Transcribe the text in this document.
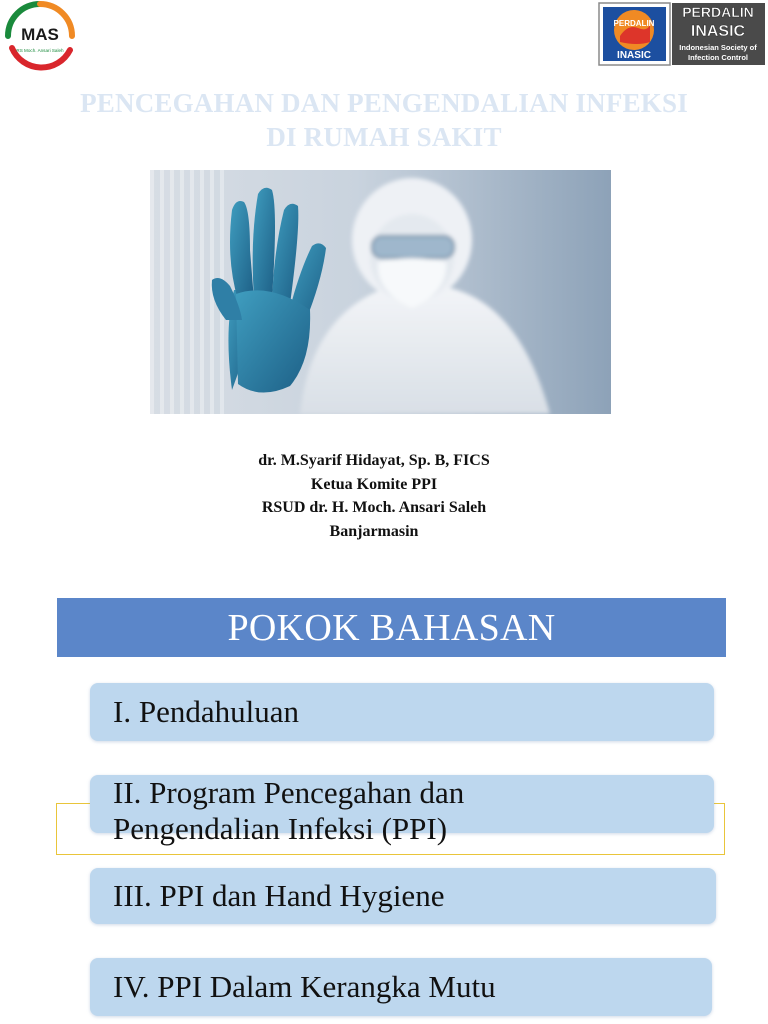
MAS
RS Moch. Ansari Saleh
PERDALIN
INASIC
PERDALIN
INASIC
Indonesian Society of
Infection Control
PENCEGAHAN DAN PENGENDALIAN INFEKSI
DI RUMAH SAKIT
dr. M.Syarif Hidayat, Sp. B, FICS
Ketua Komite PPI
RSUD dr. H. Moch. Ansari Saleh
Banjarmasin
POKOK BAHASAN
I. Pendahuluan
II. Program Pencegahan dan
Pengendalian Infeksi (PPI)
III. PPI dan Hand Hygiene
IV. PPI Dalam Kerangka Mutu
